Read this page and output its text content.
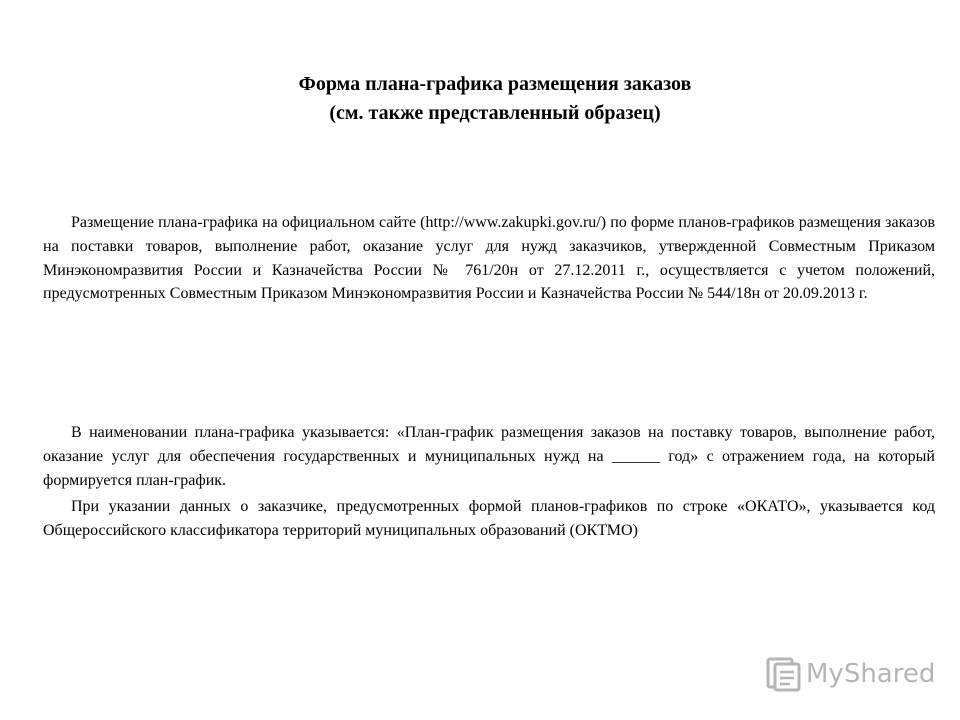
Форма плана-графика размещения заказов
(см. также представленный образец)

Размещение плана-графика на официальном сайте (http://www.zakupki.gov.ru/) по форме планов-графиков размещения заказов на поставки товаров, выполнение работ, оказание услуг для нужд заказчиков, утвержденной Совместным Приказом Минэкономразвития России и Казначейства России № 761/20н от 27.12.2011 г., осуществляется с учетом положений, предусмотренных Совместным Приказом Минэкономразвития России и Казначейства России № 544/18н от 20.09.2013 г.

В наименовании плана-графика указывается: «План-график размещения заказов на поставку товаров, выполнение работ, оказание услуг для обеспечения государственных и муниципальных нужд на ______ год» с отражением года, на который формируется план-график.

При указании данных о заказчике, предусмотренных формой планов-графиков по строке «ОКАТО», указывается код Общероссийского классификатора территорий муниципальных образований (ОКТМО)

MyShared
